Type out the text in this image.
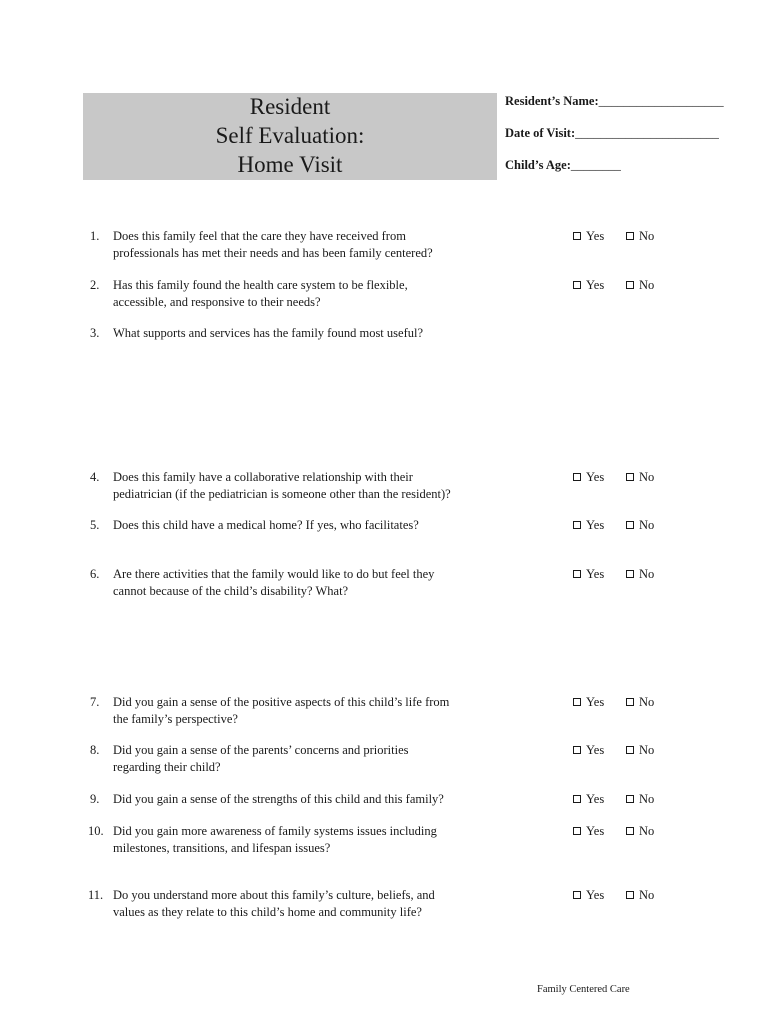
Resident
Self Evaluation:
Home Visit
Resident’s Name:____________________
Date of Visit:_______________________
Child’s Age:________
1.	Does this family feel that the care they have received from
professionals has met their needs and has been family centered?
Yes	No
2.	Has this family found the health care system to be flexible,
accessible, and responsive to their needs?
Yes	No
3.	What supports and services has the family found most useful?
4.	Does this family have a collaborative relationship with their
pediatrician (if the pediatrician is someone other than the resident)?
Yes	No
5.	Does this child have a medical home? If yes, who facilitates?	Yes	No
6.	Are there activities that the family would like to do but feel they
cannot because of the child’s disability? What?
Yes	No
7.	Did you gain a sense of the positive aspects of this child’s life from
the family’s perspective?
Yes	No
8.	Did you gain a sense of the parents’ concerns and priorities
regarding their child?
Yes	No
9.	Did you gain a sense of the strengths of this child and this family?	Yes	No
10. Did you gain more awareness of family systems issues including
milestones, transitions, and lifespan issues?
Yes	No
11. Do you understand more about this family’s culture, beliefs, and
values as they relate to this child’s home and community life?
Yes	No
Family Centered Care
